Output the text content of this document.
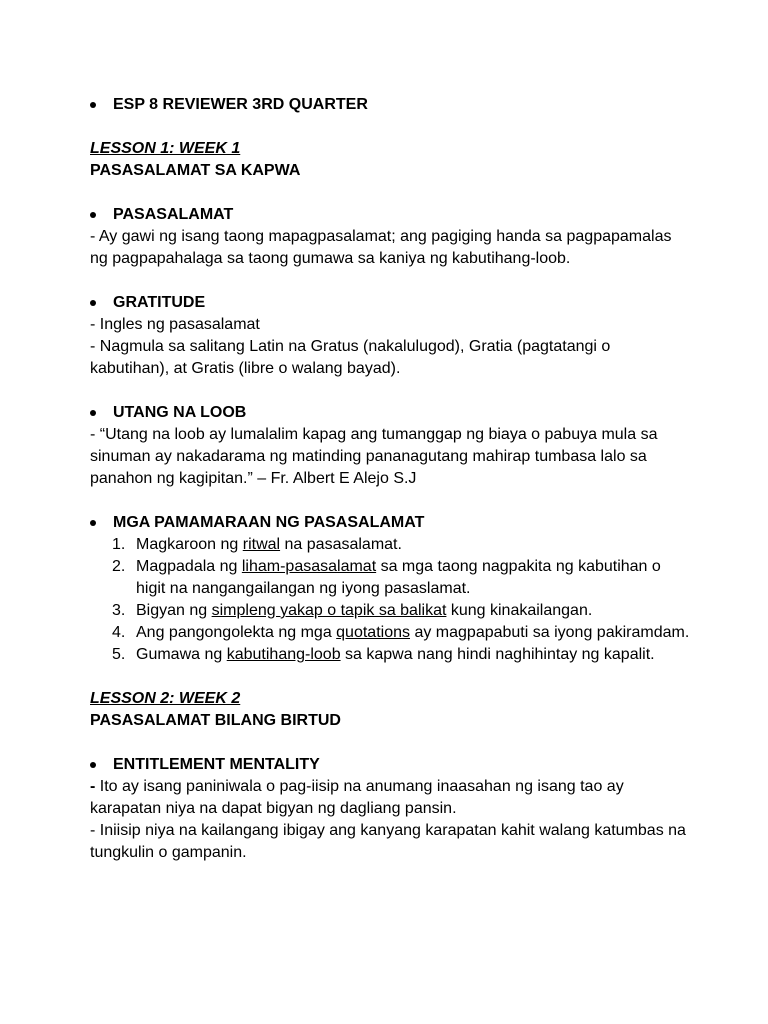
ESP 8 REVIEWER 3RD QUARTER

LESSON 1: WEEK 1

PASASALAMAT SA KAPWA

PASASALAMAT

- Ay gawi ng isang taong mapagpasalamat; ang pagiging handa sa pagpapamalas ng pagpapahalaga sa taong gumawa sa kaniya ng kabutihang-loob.

GRATITUDE

- Ingles ng pasasalamat

- Nagmula sa salitang Latin na Gratus (nakalulugod), Gratia (pagtatangi o kabutihan), at Gratis (libre o walang bayad).

UTANG NA LOOB

- “Utang na loob ay lumalalim kapag ang tumanggap ng biaya o pabuya mula sa sinuman ay nakadarama ng matinding pananagutang mahirap tumbasa lalo sa panahon ng kagipitan.” – Fr. Albert E Alejo S.J

MGA PAMAMARAAN NG PASASALAMAT
1. Magkaroon ng ritwal na pasasalamat.
2. Magpadala ng liham-pasasalamat sa mga taong nagpakita ng kabutihan o higit na nangangailangan ng iyong pasaslamat.
3. Bigyan ng simpleng yakap o tapik sa balikat kung kinakailangan.
4. Ang pangongolekta ng mga quotations ay magpapabuti sa iyong pakiramdam.
5. Gumawa ng kabutihang-loob sa kapwa nang hindi naghihintay ng kapalit.

LESSON 2: WEEK 2

PASASALAMAT BILANG BIRTUD

ENTITLEMENT MENTALITY

- Ito ay isang paniniwala o pag-iisip na anumang inaasahan ng isang tao ay karapatan niya na dapat bigyan ng dagliang pansin.

- Iniisip niya na kailangang ibigay ang kanyang karapatan kahit walang katumbas na tungkulin o gampanin.
